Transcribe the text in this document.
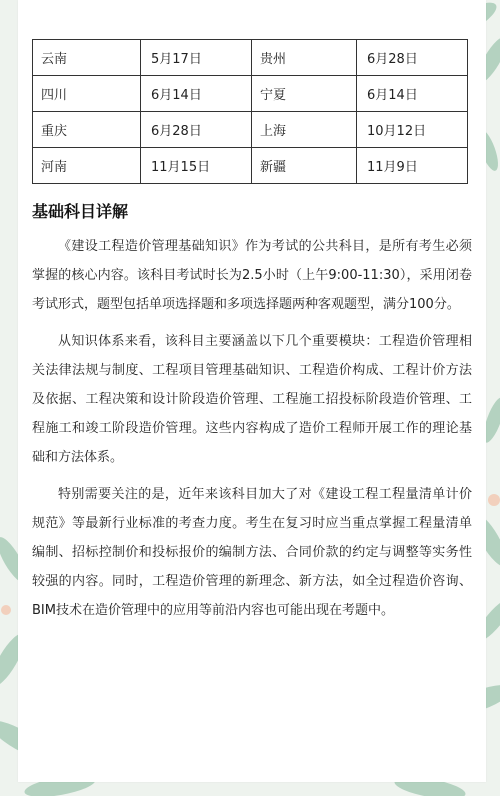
云南	5月17日	贵州	6月28日
四川	6月14日	宁夏	6月14日
重庆	6月28日	上海	10月12日
河南	11月15日	新疆	11月9日
基础科目详解

《建设工程造价管理基础知识》作为考试的公共科目，是所有考生必须掌握的核心内容。该科目考试时长为2.5小时（上午9:00-11:30），采用闭卷考试形式，题型包括单项选择题和多项选择题两种客观题型，满分100分。

从知识体系来看，该科目主要涵盖以下几个重要模块：工程造价管理相关法律法规与制度、工程项目管理基础知识、工程造价构成、工程计价方法及依据、工程决策和设计阶段造价管理、工程施工招投标阶段造价管理、工程施工和竣工阶段造价管理。这些内容构成了造价工程师开展工作的理论基础和方法体系。

特别需要关注的是，近年来该科目加大了对《建设工程工程量清单计价规范》等最新行业标准的考查力度。考生在复习时应当重点掌握工程量清单编制、招标控制价和投标报价的编制方法、合同价款的约定与调整等实务性较强的内容。同时，工程造价管理的新理念、新方法，如全过程造价咨询、BIM技术在造价管理中的应用等前沿内容也可能出现在考题中。
